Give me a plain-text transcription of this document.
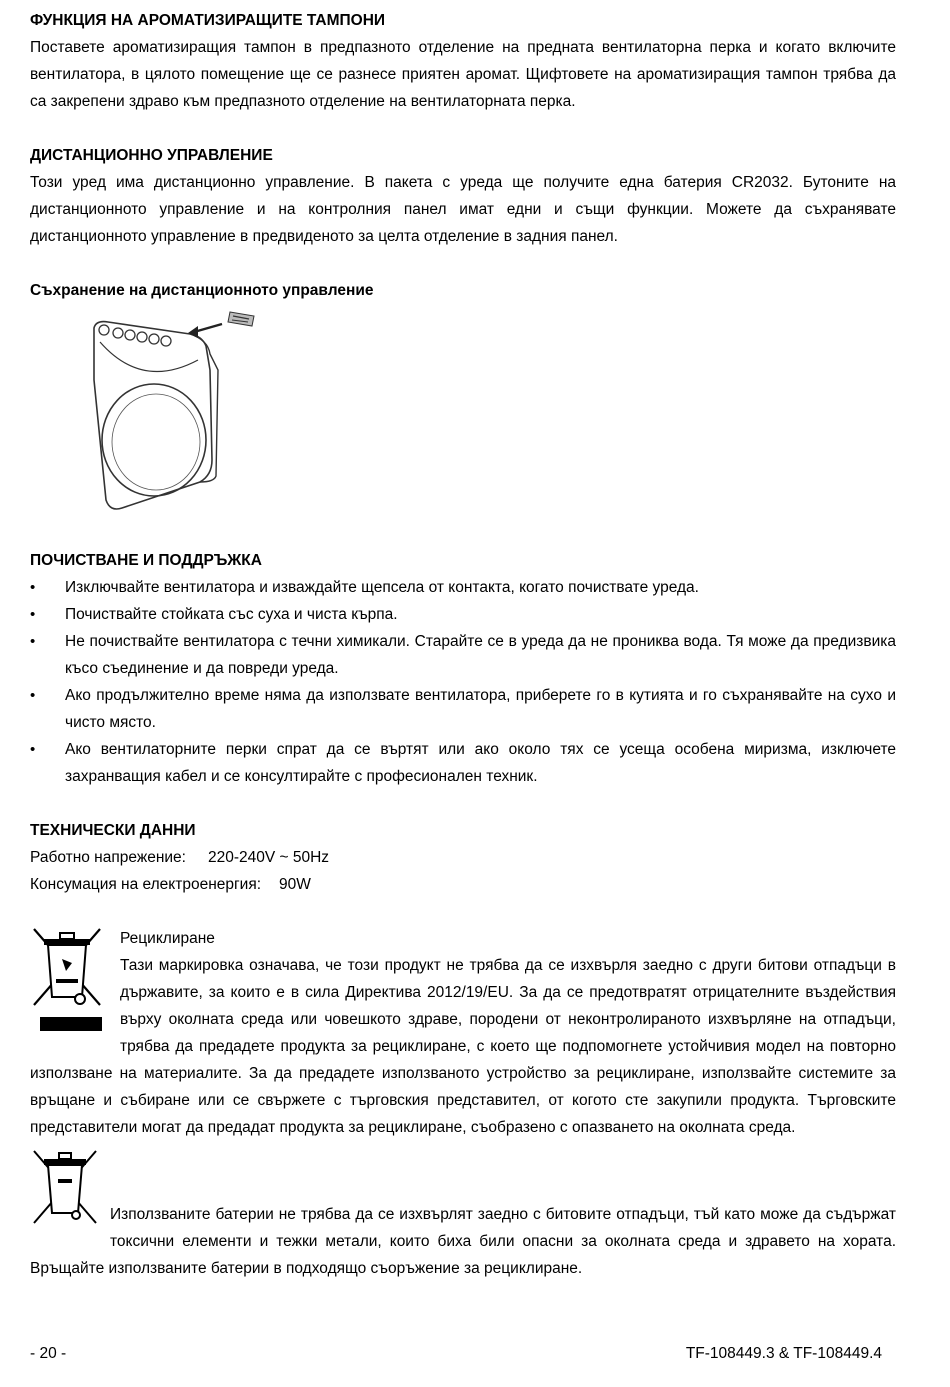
ФУНКЦИЯ НА АРОМАТИЗИРАЩИТЕ ТАМПОНИ

Поставете ароматизиращия тампон в предпазното отделение на предната вентилаторна перка и когато включите вентилатора, в цялото помещение ще се разнесе приятен аромат. Щифтовете на ароматизиращия тампон трябва да са закрепени здраво към предпазното отделение на вентилаторната перка.

ДИСТАНЦИОННО УПРАВЛЕНИЕ

Този уред има дистанционно управление. В пакета с уреда ще получите една батерия CR2032. Бутоните на дистанционното управление и на контролния панел имат едни и същи функции. Можете да съхранявате дистанционното управление в предвиденото за целта отделение в задния панел.

Съхранение на дистанционното управление
ПОЧИСТВАНЕ И ПОДДРЪЖКА
•	Изключвайте вентилатора и изваждайте щепсела от контакта, когато почиствате уреда.
•	Почиствайте стойката със суха и чиста кърпа.
•	Не почиствайте вентилатора с течни химикали. Старайте се в уреда да не прониква вода. Тя може да предизвика късо съединение и да повреди уреда.
•	Ако продължително време няма да използвате вентилатора, приберете го в кутията и го съхранявайте на сухо и чисто място.
•	Ако вентилаторните перки спрат да се въртят или ако около тях се усеща особена миризма, изключете захранващия кабел и се консултирайте с професионален техник.
ТЕХНИЧЕСКИ ДАННИ
Работно напрежение: 220-240V ~ 50Hz
Консумация на електроенергия: 90W

Рециклиране

Тази маркировка означава, че този продукт не трябва да се изхвърля заедно с други битови отпадъци в държавите, за които е в сила Директива 2012/19/EU. За да се предотвратят отрицателните въздействия върху околната среда или човешкото здраве, породени от неконтролираното изхвърляне на отпадъци, трябва да предадете продукта за рециклиране, с което ще подпомогнете устойчивия модел на повторно използване на материалите. За да предадете използваното устройство за рециклиране, използвайте системите за връщане и събиране или се свържете с търговския представител, от когото сте закупили продукта. Търговските представители могат да предадат продукта за рециклиране, съобразено с опазването на околната среда.

Използваните батерии не трябва да се изхвърлят заедно с битовите отпадъци, тъй като може да съдържат токсични елементи и тежки метали, които биха били опасни за околната среда и здравето на хората. Връщайте използваните батерии в подходящо съоръжение за рециклиране.

- 20 -	TF-108449.3 & TF-108449.4
